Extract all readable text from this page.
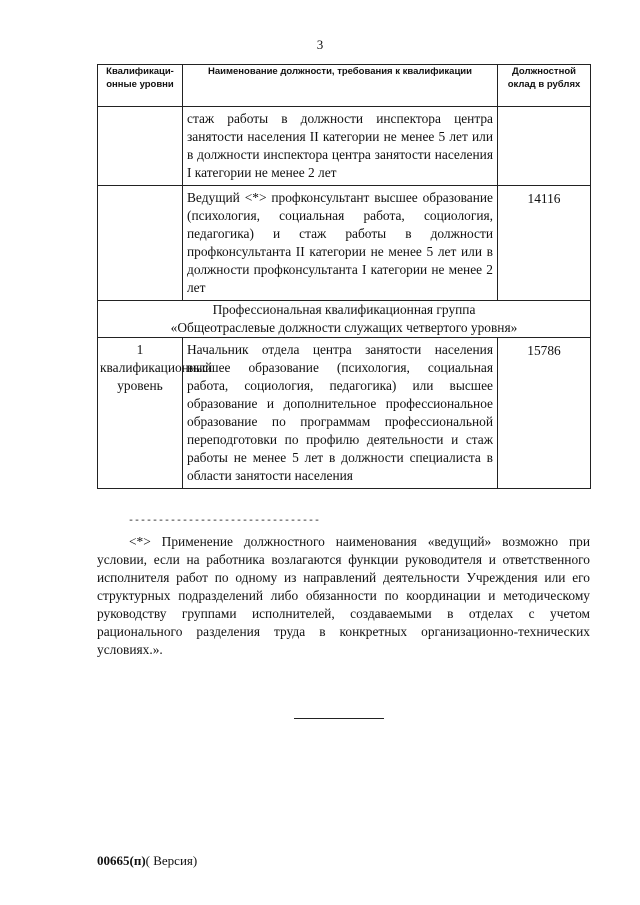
3
Квалификаци-онные уровни	Наименование должности, требования к квалификации	Должностной оклад в рублях

	стаж работы в должности инспектора центра занятости населения II категории не менее 5 лет или в должности инспектора центра занятости населения I категории не менее 2 лет	

	Ведущий <*> профконсультант высшее образование (психология, социальная работа, социология, педагогика) и стаж работы в должности профконсультанта II категории не менее 5 лет или в должности профконсультанта I категории не менее 2 лет	14116

Профессиональная квалификационная группа
«Общеотраслевые должности служащих четвертого уровня»		

1 квалификационный уровень	Начальник отдела центра занятости населения высшее образование (психология, социальная работа, социология, педагогика) или высшее образование и дополнительное профессиональное образование по программам профессиональной переподготовки по профилю деятельности и стаж работы не менее 5 лет в должности специалиста в области занятости населения	15786
--------------------------------
<*> Применение должностного наименования «ведущий» возможно при условии, если на работника возлагаются функции руководителя и ответственного исполнителя работ по одному из направлений деятельности Учреждения или его структурных подразделений либо обязанности по координации и методическому руководству группами исполнителей, создаваемыми в отделах с учетом рационального разделения труда в конкретных организационно-технических условиях.».
00665(п)( Версия)
